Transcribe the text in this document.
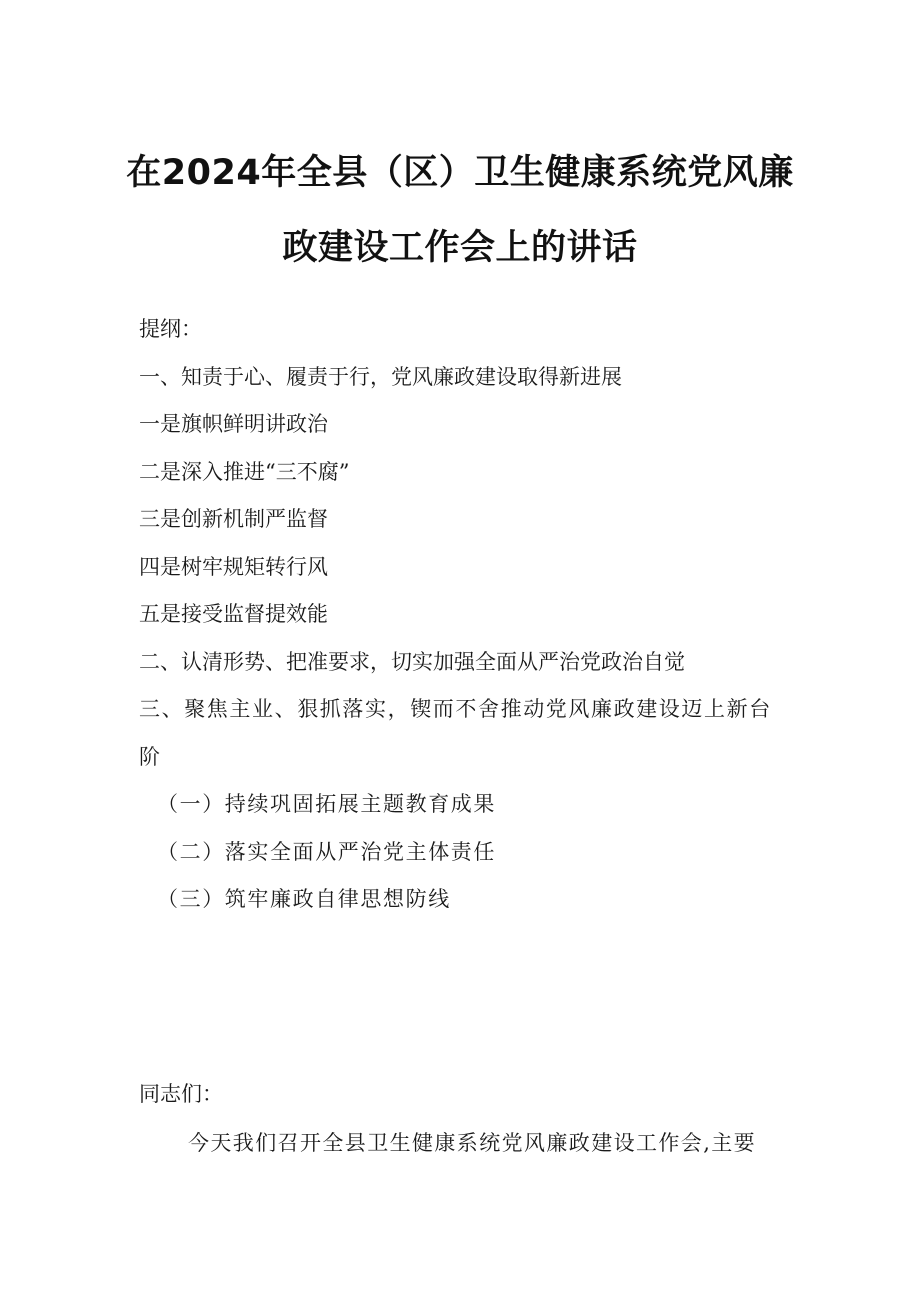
在2024年全县（区）卫生健康系统党风廉
政建设工作会上的讲话
提纲：
一、知责于心、履责于行，党风廉政建设取得新进展
一是旗帜鲜明讲政治
二是深入推进“三不腐”
三是创新机制严监督
四是树牢规矩转行风
五是接受监督提效能
二、认清形势、把准要求，切实加强全面从严治党政治自觉
三、聚焦主业、狠抓落实，锲而不舍推动党风廉政建设迈上新台阶
（一）持续巩固拓展主题教育成果
（二）落实全面从严治党主体责任
（三）筑牢廉政自律思想防线
同志们：
今天我们召开全县卫生健康系统党风廉政建设工作会,主要
